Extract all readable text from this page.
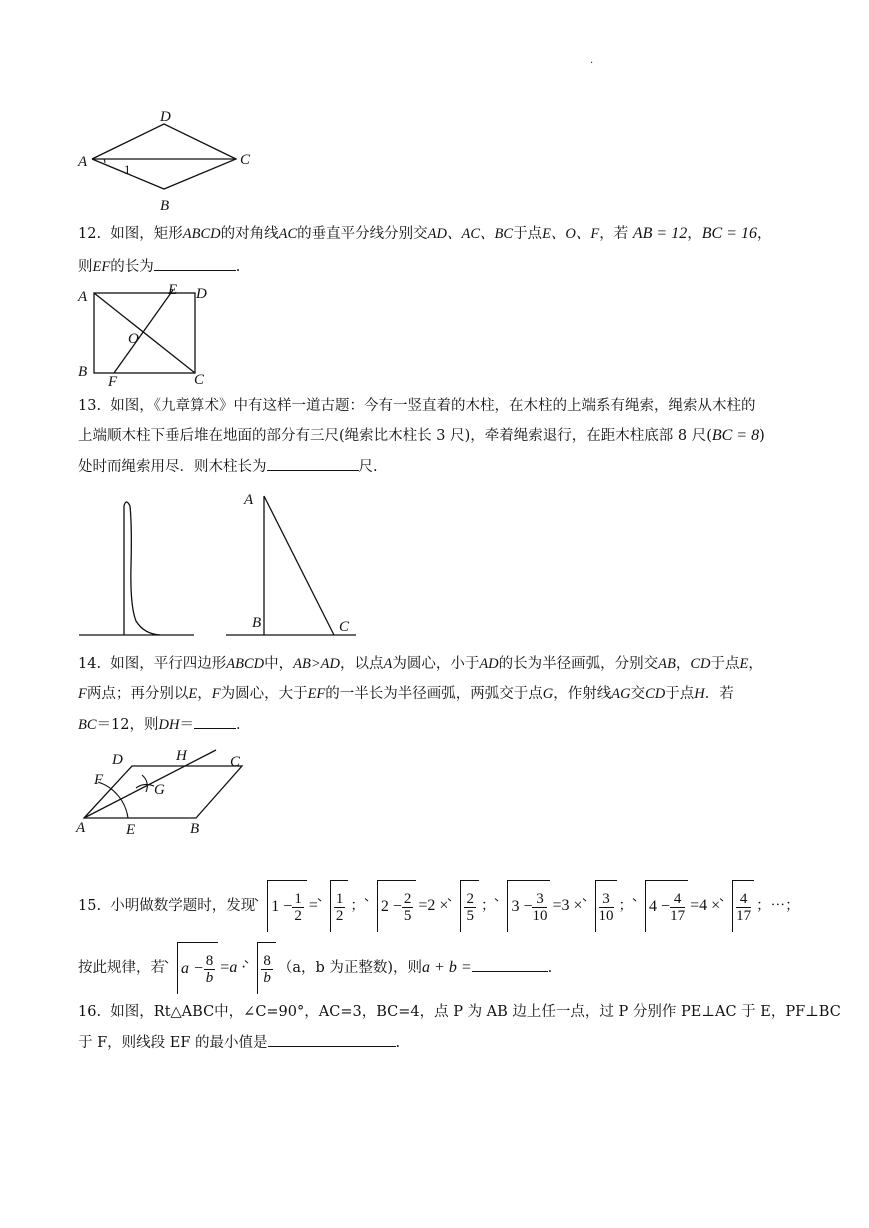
.
A
D
C
B
1
12. 如图，矩形ABCD的对角线AC的垂直平分线分别交AD、AC、BC于点E、O、F，若 AB = 12，BC = 16，
则EF的长为	.
A	E D
O
B
F	C
13. 如图，《九章算术》中有这样一道古题：今有一竖直着的木柱，在木柱的上端系有绳索，绳索从木柱的
上端顺木柱下垂后堆在地面的部分有三尺(绳索比木柱长 3 尺)，牵着绳索退行，在距木柱底部 8 尺(BC = 8)
处时而绳索用尽．则木柱长为	尺.
A
B	C
14. 如图，平行四边形ABCD中，AB>AD，以点A为圆心，小于AD的长为半径画弧，分别交AB，CD于点E，
F两点；再分别以E，F为圆心，大于EF的一半长为半径画弧，两弧交于点G，作射线AG交CD于点H．若
BC＝12，则DH＝	．
A	E	B
C
D	H
F
G
15. 小明做数学题时，发现 $1 - \frac{1}{2} = \frac{1}{2}$ ； $2 - \frac{2}{5} =2 \times \frac{2}{5}$ ； $3 - \frac{3}{10} =3 \times \frac{3}{10}$ ； $4 - \frac{4}{17} =4 \times \frac{4}{17}$ ；⋯；
按此规律，若 $a - \frac{8}{b} =a \cdot \frac{8}{b} (a$，b 为正整数)，则a + b =	.
16. 如图，Rt△ABC中，∠C=90°，AC=3，BC=4，点 P 为 AB 边上任一点，过 P 分别作 PE⊥AC 于 E，PF⊥BC
于 F，则线段 EF 的最小值是	.
